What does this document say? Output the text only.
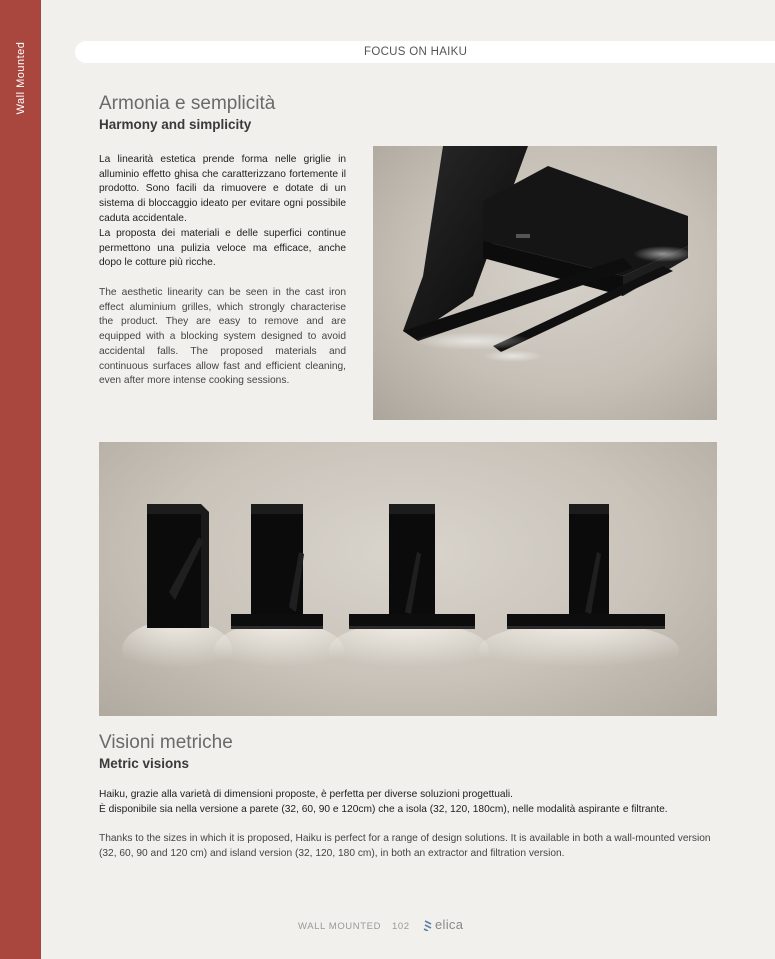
Wall Mounted	FOCUS ON HAIKU
Armonia e semplicità
Harmony and simplicity

La linearità estetica prende forma nelle griglie in alluminio effetto ghisa che caratterizzano fortemente il prodotto. Sono facili da rimuovere e dotate di un sistema di bloccaggio ideato per evitare ogni possibile caduta accidentale.

La proposta dei materiali e delle superfici continue permettono una pulizia veloce ma efficace, anche dopo le cotture più ricche.

The aesthetic linearity can be seen in the cast iron effect aluminium grilles, which strongly characterise the product. They are easy to remove and are equipped with a blocking system designed to avoid accidental falls. The proposed materials and continuous surfaces allow fast and efficient cleaning, even after more intense cooking sessions.

Visioni metriche
Metric visions

Haiku, grazie alla varietà di dimensioni proposte, è perfetta per diverse soluzioni progettuali.

È disponibile sia nella versione a parete (32, 60, 90 e 120cm) che a isola (32, 120, 180cm), nelle modalità aspirante e filtrante.

Thanks to the sizes in which it is proposed, Haiku is perfect for a range of design solutions. It is available in both a wall-mounted version (32, 60, 90 and 120 cm) and island version (32, 120, 180 cm), in both an extractor and filtration version.

WALL MOUNTED 102 elica
